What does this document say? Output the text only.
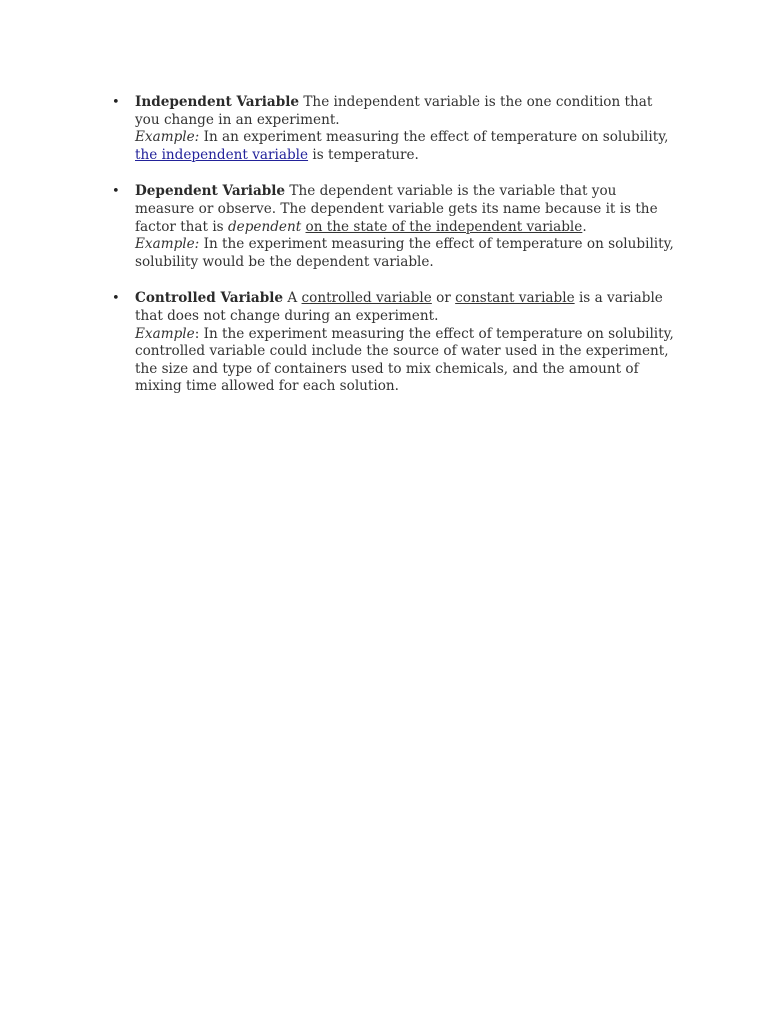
• Independent Variable The independent variable is the one condition that you change in an experiment.
Example: In an experiment measuring the effect of temperature on solubility, the independent variable is temperature.
• Dependent Variable The dependent variable is the variable that you measure or observe. The dependent variable gets its name because it is the factor that is dependent on the state of the independent variable.
Example: In the experiment measuring the effect of temperature on solubility, solubility would be the dependent variable.
• Controlled Variable A controlled variable or constant variable is a variable that does not change during an experiment.
Example: In the experiment measuring the effect of temperature on solubility, controlled variable could include the source of water used in the experiment, the size and type of containers used to mix chemicals, and the amount of mixing time allowed for each solution.
